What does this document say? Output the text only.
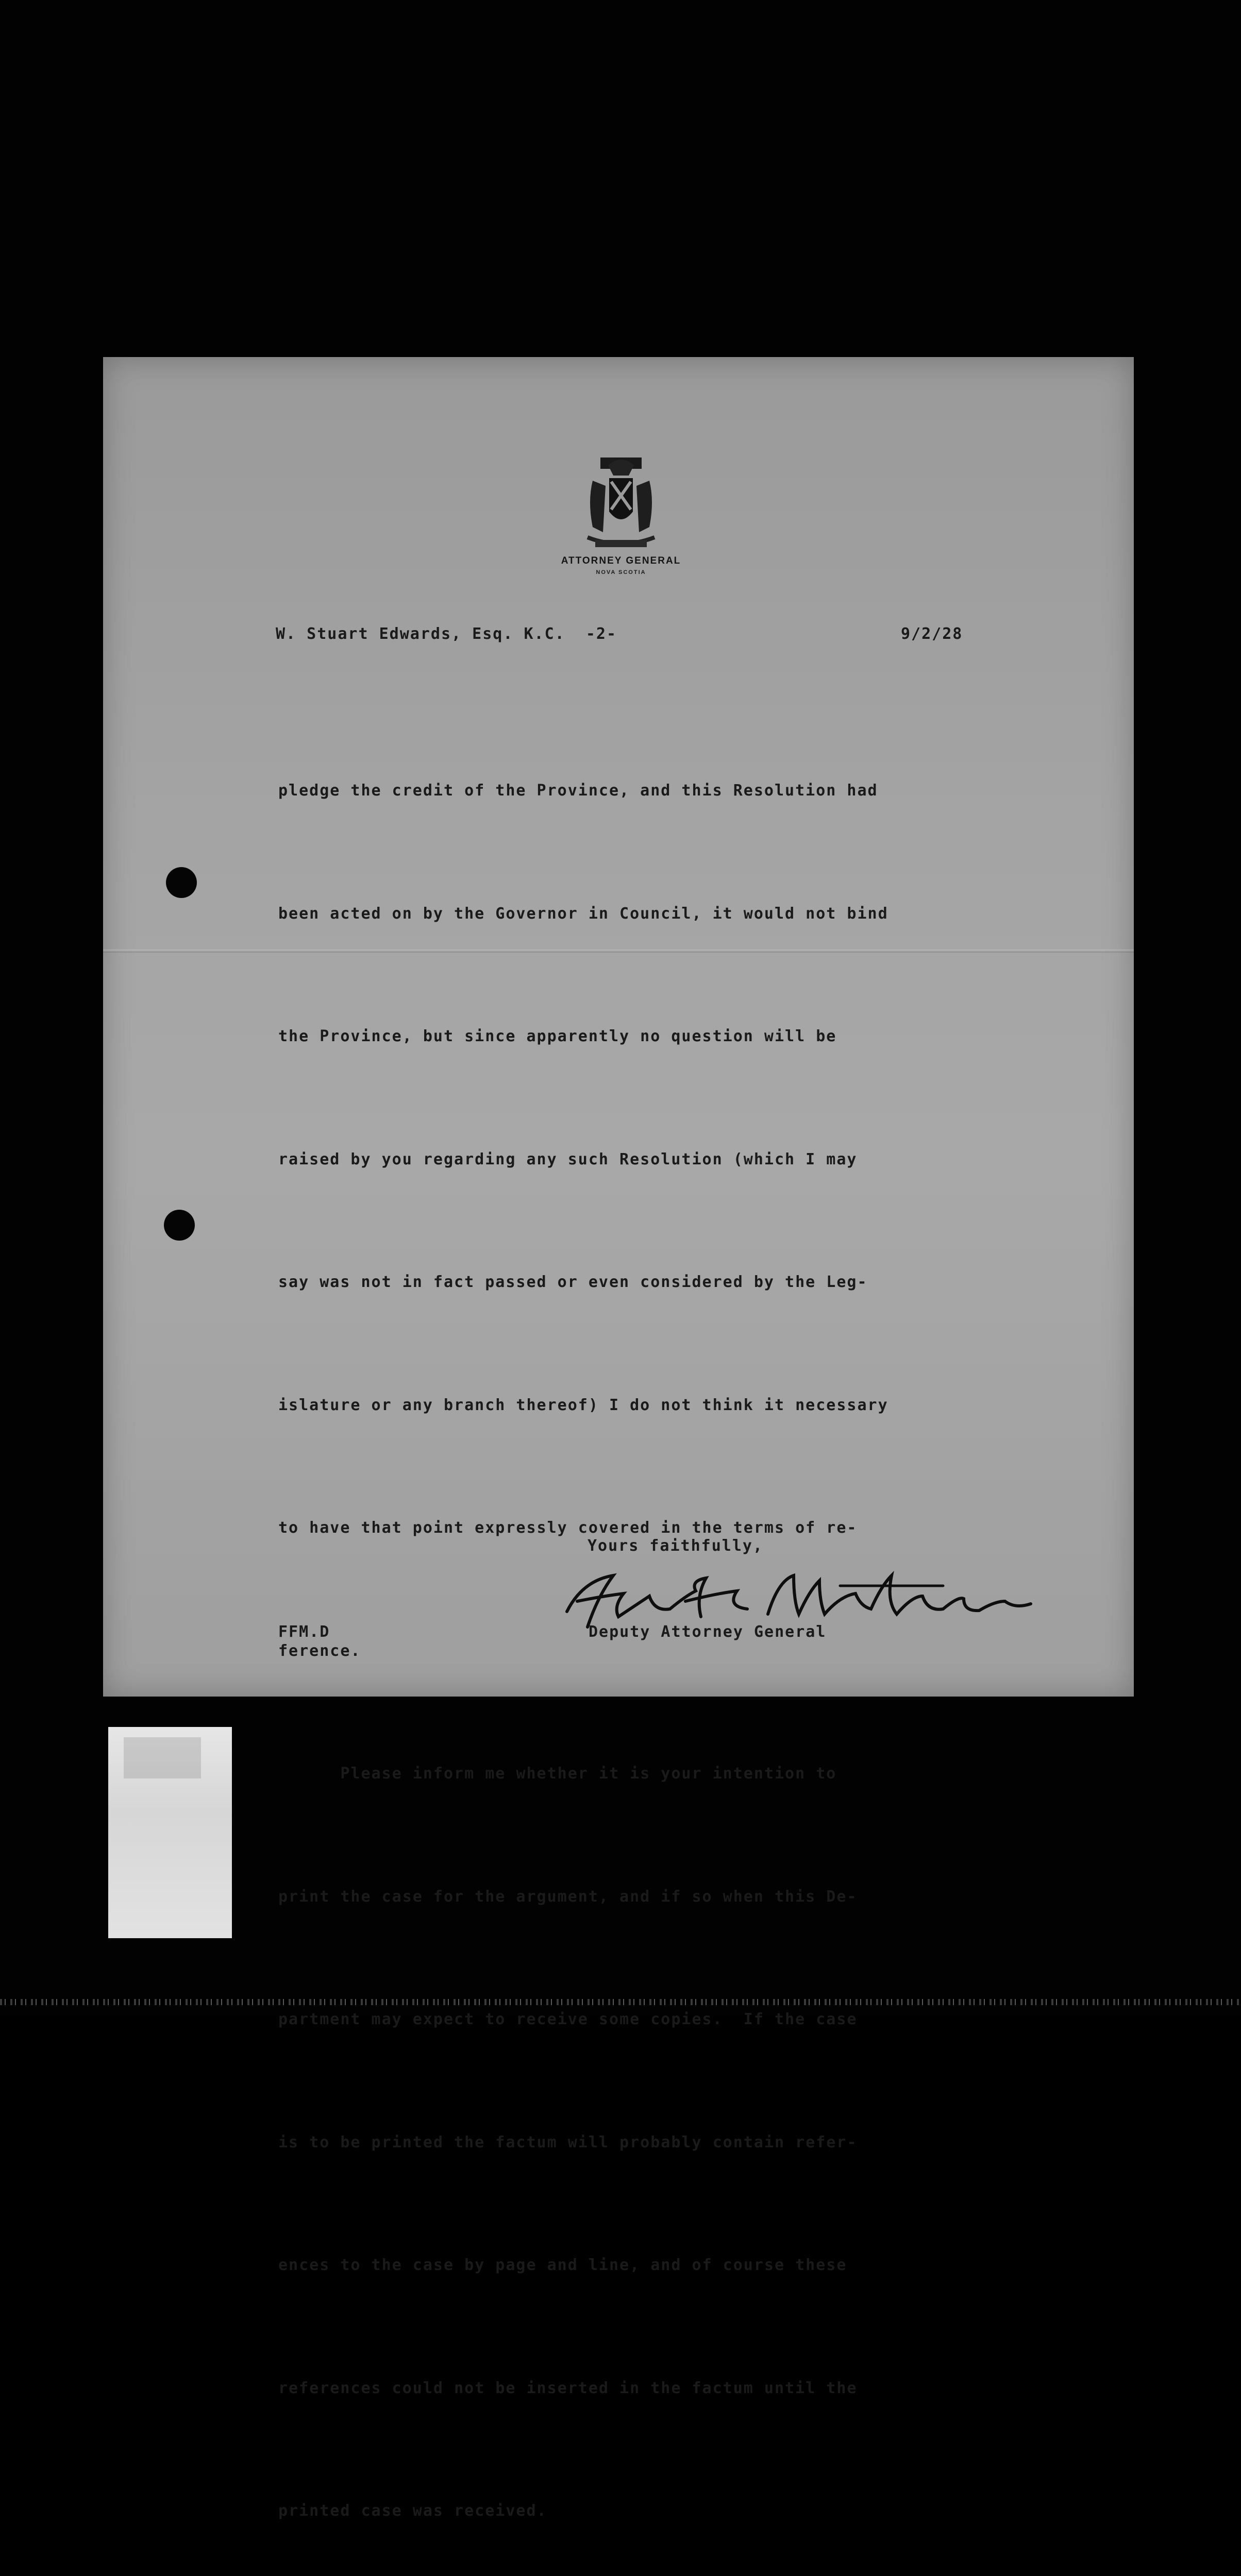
ATTORNEY GENERAL
NOVA SCOTIA
W. Stuart Edwards, Esq. K.C. -2-	9/2/28

pledge the credit of the Province, and this Resolution had

been acted on by the Governor in Council, it would not bind

the Province, but since apparently no question will be

raised by you regarding any such Resolution (which I may

say was not in fact passed or even considered by the Leg-

islature or any branch thereof) I do not think it necessary

to have that point expressly covered in the terms of re-

ference.

Please inform me whether it is your intention to

print the case for the argument, and if so when this De-

partment may expect to receive some copies.  If the case

is to be printed the factum will probably contain refer-

ences to the case by page and line, and of course these

references could not be inserted in the factum until the

printed case was received.

Yours faithfully,
FFM.D	Deputy Attorney General
